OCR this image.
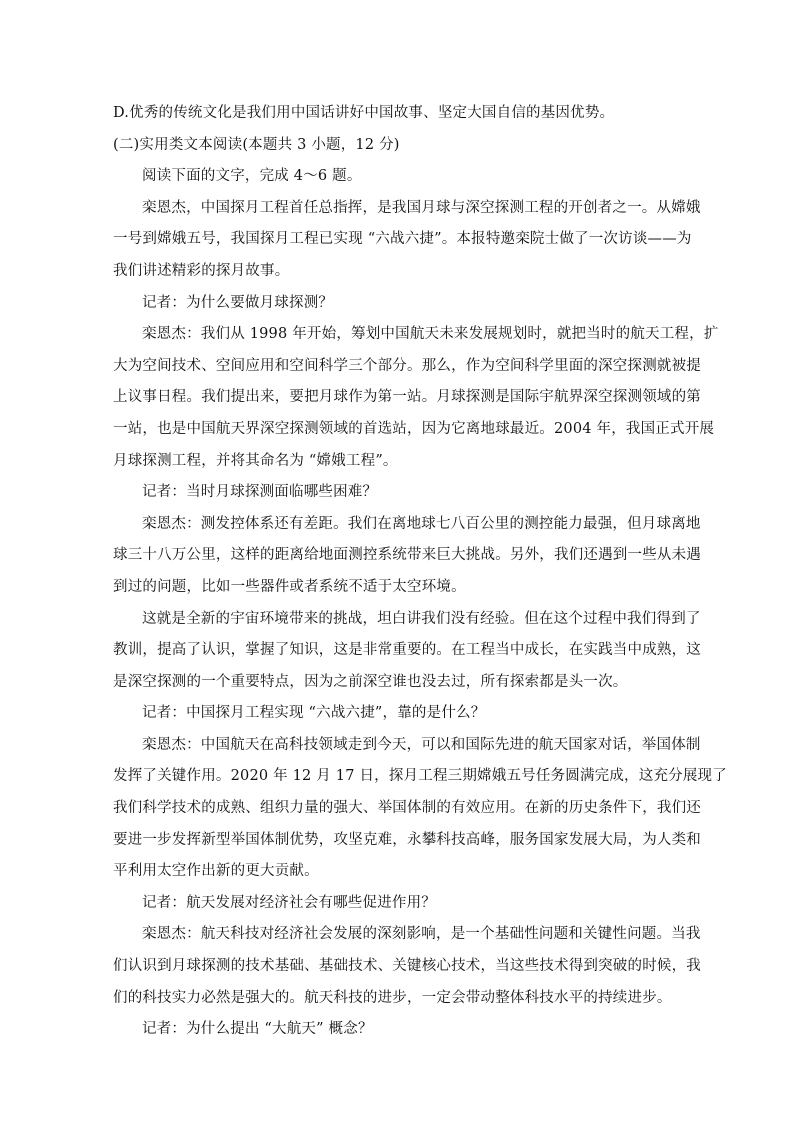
D.优秀的传统文化是我们用中国话讲好中国故事、坚定大国自信的基因优势。
(二)实用类文本阅读(本题共 3 小题，12 分)
阅读下面的文字，完成 4～6 题。
栾恩杰，中国探月工程首任总指挥，是我国月球与深空探测工程的开创者之一。从嫦娥
一号到嫦娥五号，我国探月工程已实现 “六战六捷”。本报特邀栾院士做了一次访谈——为
我们讲述精彩的探月故事。
记者：为什么要做月球探测？
栾恩杰：我们从 1998 年开始，筹划中国航天未来发展规划时，就把当时的航天工程，扩
大为空间技术、空间应用和空间科学三个部分。那么，作为空间科学里面的深空探测就被提
上议事日程。我们提出来，要把月球作为第一站。月球探测是国际宇航界深空探测领域的第
一站，也是中国航天界深空探测领域的首选站，因为它离地球最近。2004 年，我国正式开展
月球探测工程，并将其命名为 “嫦娥工程”。
记者：当时月球探测面临哪些困难？
栾恩杰：测发控体系还有差距。我们在离地球七八百公里的测控能力最强，但月球离地
球三十八万公里，这样的距离给地面测控系统带来巨大挑战。另外，我们还遇到一些从未遇
到过的问题，比如一些器件或者系统不适于太空环境。
这就是全新的宇宙环境带来的挑战，坦白讲我们没有经验。但在这个过程中我们得到了
教训，提高了认识，掌握了知识，这是非常重要的。在工程当中成长，在实践当中成熟，这
是深空探测的一个重要特点，因为之前深空谁也没去过，所有探索都是头一次。
记者：中国探月工程实现 “六战六捷”，靠的是什么？
栾恩杰：中国航天在高科技领域走到今天，可以和国际先进的航天国家对话，举国体制
发挥了关键作用。2020 年 12 月 17 日，探月工程三期嫦娥五号任务圆满完成，这充分展现了
我们科学技术的成熟、组织力量的强大、举国体制的有效应用。在新的历史条件下，我们还
要进一步发挥新型举国体制优势，攻坚克难，永攀科技高峰，服务国家发展大局，为人类和
平利用太空作出新的更大贡献。
记者：航天发展对经济社会有哪些促进作用？
栾恩杰：航天科技对经济社会发展的深刻影响，是一个基础性问题和关键性问题。当我
们认识到月球探测的技术基础、基础技术、关键核心技术，当这些技术得到突破的时候，我
们的科技实力必然是强大的。航天科技的进步，一定会带动整体科技水平的持续进步。
记者：为什么提出 “大航天” 概念？
